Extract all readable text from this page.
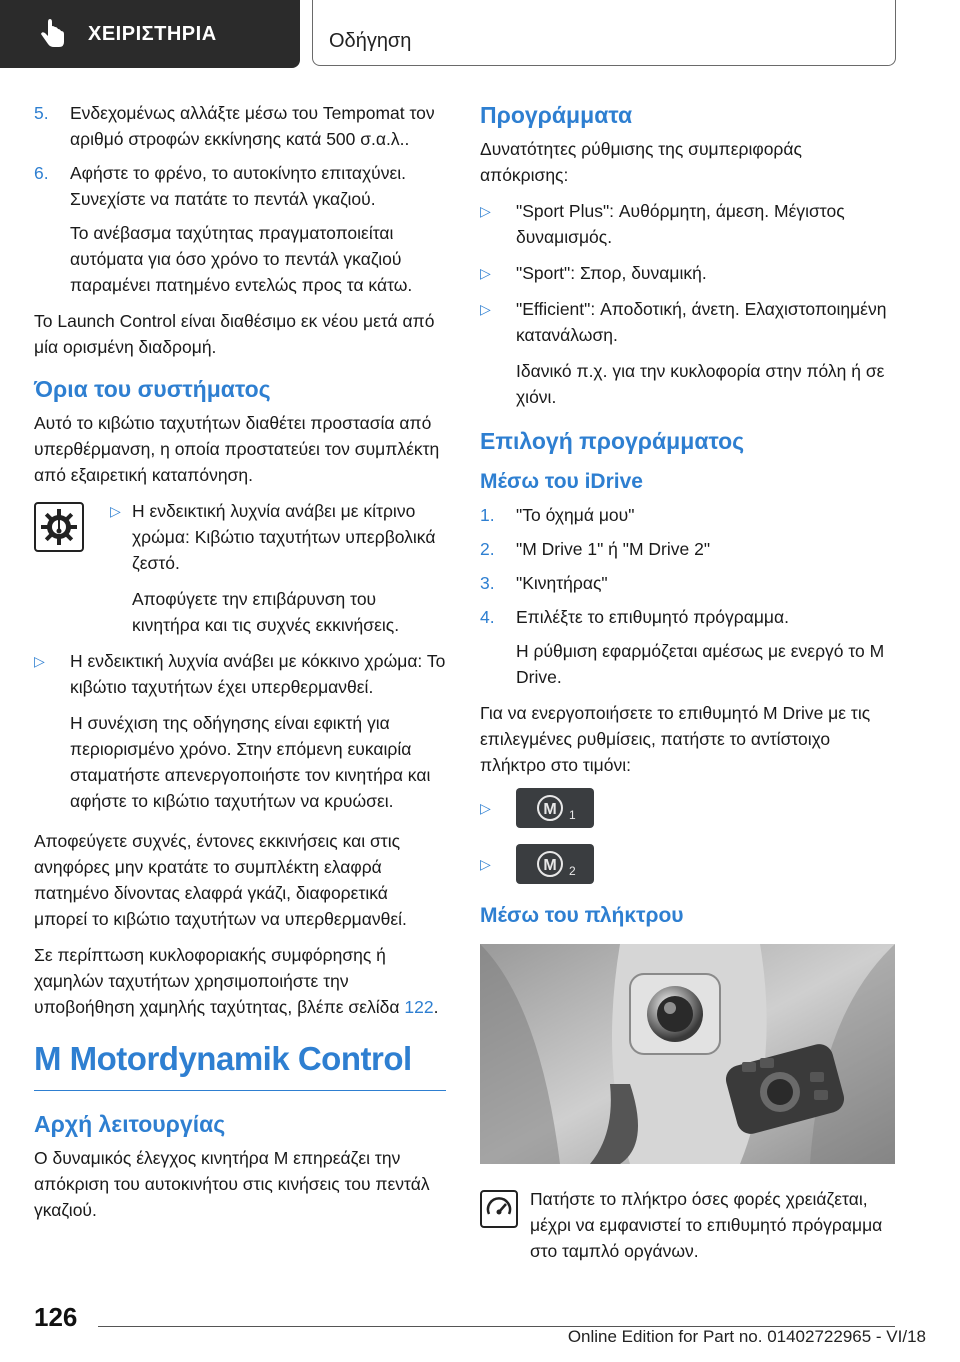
ΧΕΙΡΙΣΤΗΡΙΑ	Οδήγηση
5. Ενδεχομένως αλλάξτε μέσω του Tempomat τον αριθμό στροφών εκκίνησης κατά 500 σ.α.λ..
6. Αφήστε το φρένο, το αυτοκίνητο επιταχύνει. Συνεχίστε να πατάτε το πεντάλ γκαζιού.
Το ανέβασμα ταχύτητας πραγματοποιείται αυτόματα για όσο χρόνο το πεντάλ γκαζιού παραμένει πατημένο εντελώς προς τα κάτω.

Το Launch Control είναι διαθέσιμο εκ νέου μετά από μία ορισμένη διαδρομή.

Όρια του συστήματος

Αυτό το κιβώτιο ταχυτήτων διαθέτει προστασία από υπερθέρμανση, η οποία προστατεύει τον συμπλέκτη από εξαιρετική καταπόνηση.

▷ Η ενδεικτική λυχνία ανάβει με κίτρινο χρώμα: Κιβώτιο ταχυτήτων υπερβολικά ζεστό.
Αποφύγετε την επιβάρυνση του κινητήρα και τις συχνές εκκινήσεις.
▷ Η ενδεικτική λυχνία ανάβει με κόκκινο χρώμα: Το κιβώτιο ταχυτήτων έχει υπερθερμανθεί.
Η συνέχιση της οδήγησης είναι εφικτή για περιορισμένο χρόνο. Στην επόμενη ευκαιρία σταματήστε απενεργοποιήστε τον κινητήρα και αφήστε το κιβώτιο ταχυτήτων να κρυώσει.

Αποφεύγετε συχνές, έντονες εκκινήσεις και στις ανηφόρες μην κρατάτε το συμπλέκτη ελαφρά πατημένο δίνοντας ελαφρά γκάζι, διαφορετικά μπορεί το κιβώτιο ταχυτήτων να υπερθερμανθεί.

Σε περίπτωση κυκλοφοριακής συμφόρησης ή χαμηλών ταχυτήτων χρησιμοποιήστε την υποβοήθηση χαμηλής ταχύτητας, βλέπε σελίδα 122.

M Motordynamik Control
Αρχή λειτουργίας

Ο δυναμικός έλεγχος κινητήρα M επηρεάζει την απόκριση του αυτοκινήτου στις κινήσεις του πεντάλ γκαζιού.

Προγράμματα

Δυνατότητες ρύθμισης της συμπεριφοράς απόκρισης:

▷ "Sport Plus": Αυθόρμητη, άμεση. Μέγιστος δυναμισμός.
▷ "Sport": Σπορ, δυναμική.
▷ "Efficient": Αποδοτική, άνετη. Ελαχιστοποιημένη κατανάλωση.
Ιδανικό π.χ. για την κυκλοφορία στην πόλη ή σε χιόνι.
Επιλογή προγράμματος
Μέσω του iDrive
1. "Το όχημά μου"
2. "M Drive 1" ή "M Drive 2"
3. "Κινητήρας"
4. Επιλέξτε το επιθυμητό πρόγραμμα.
Η ρύθμιση εφαρμόζεται αμέσως με ενεργό το M Drive.

Για να ενεργοποιήσετε το επιθυμητό M Drive με τις επιλεγμένες ρυθμίσεις, πατήστε το αντίστοιχο πλήκτρο στο τιμόνι:

▷	M 1
▷	M 2
Μέσω του πλήκτρου

Πατήστε το πλήκτρο όσες φορές χρειάζεται, μέχρι να εμφανιστεί το επιθυμητό πρόγραμμα στο ταμπλό οργάνων.

126
Online Edition for Part no. 01402722965 - VI/18
